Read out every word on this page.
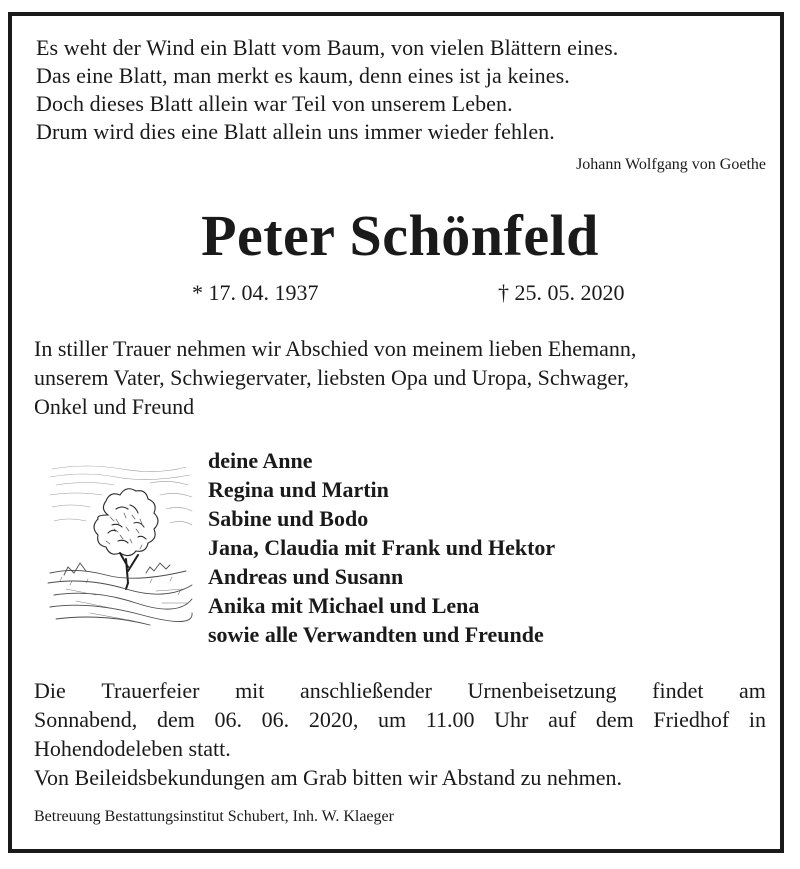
Es weht der Wind ein Blatt vom Baum, von vielen Blättern eines.
Das eine Blatt, man merkt es kaum, denn eines ist ja keines.
Doch dieses Blatt allein war Teil von unserem Leben.
Drum wird dies eine Blatt allein uns immer wieder fehlen.
Johann Wolfgang von Goethe
Peter Schönfeld
* 17. 04. 1937	† 25. 05. 2020
In stiller Trauer nehmen wir Abschied von meinem lieben Ehemann,
unserem Vater, Schwiegervater, liebsten Opa und Uropa, Schwager,
Onkel und Freund
deine Anne
Regina und Martin
Sabine und Bodo
Jana, Claudia mit Frank und Hektor
Andreas und Susann
Anika mit Michael und Lena
sowie alle Verwandten und Freunde
Die Trauerfeier mit anschließender Urnenbeisetzung findet am
Sonnabend, dem 06. 06. 2020, um 11.00 Uhr auf dem Friedhof in
Hohendodeleben statt.
Von Beileidsbekundungen am Grab bitten wir Abstand zu nehmen.
Betreuung Bestattungsinstitut Schubert, Inh. W. Klaeger
